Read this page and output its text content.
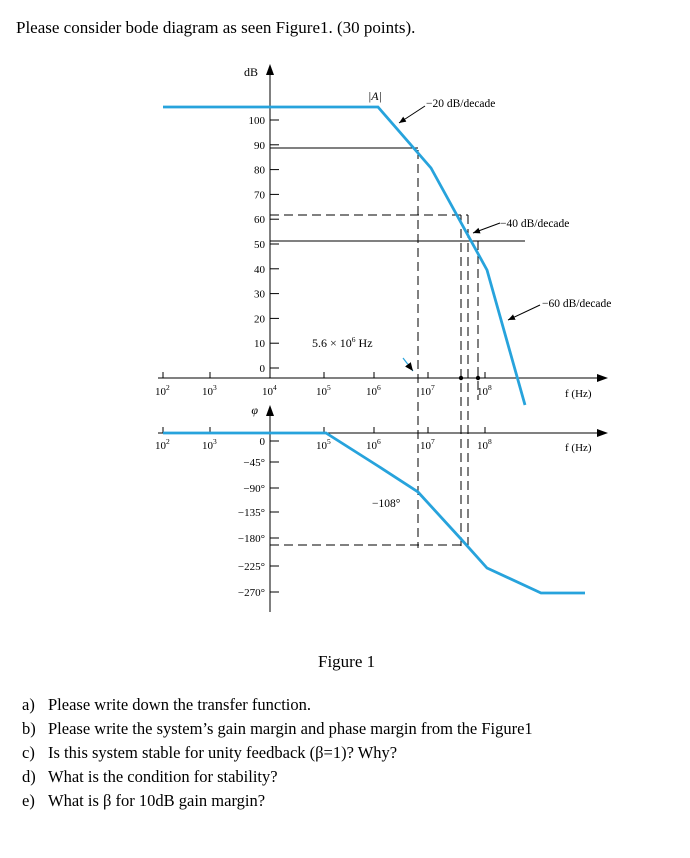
Please consider bode diagram as seen Figure1. (30 points).
dB
100
90
80
70
60
50
40
30
20
10
0
|A|
$10^2$	$10^3$	$10^4$	$10^5$	$10^6$	$10^7$	$10^8$
f (Hz)
−20 dB/decade
−40 dB/decade
−60 dB/decade
$5.6 \times 10^6$ Hz
φ
0
−45°
−90°
−135°
−180°
−225°
−270°
$10^2$	$10^3$	$10^5$	$10^6$	$10^7$	$10^8$
f (Hz)
−108°
Figure 1
a) Please write down the transfer function.
b) Please write the system’s gain margin and phase margin from the Figure1
c) Is this system stable for unity feedback (β=1)? Why?
d) What is the condition for stability?
e) What is β for 10dB gain margin?
